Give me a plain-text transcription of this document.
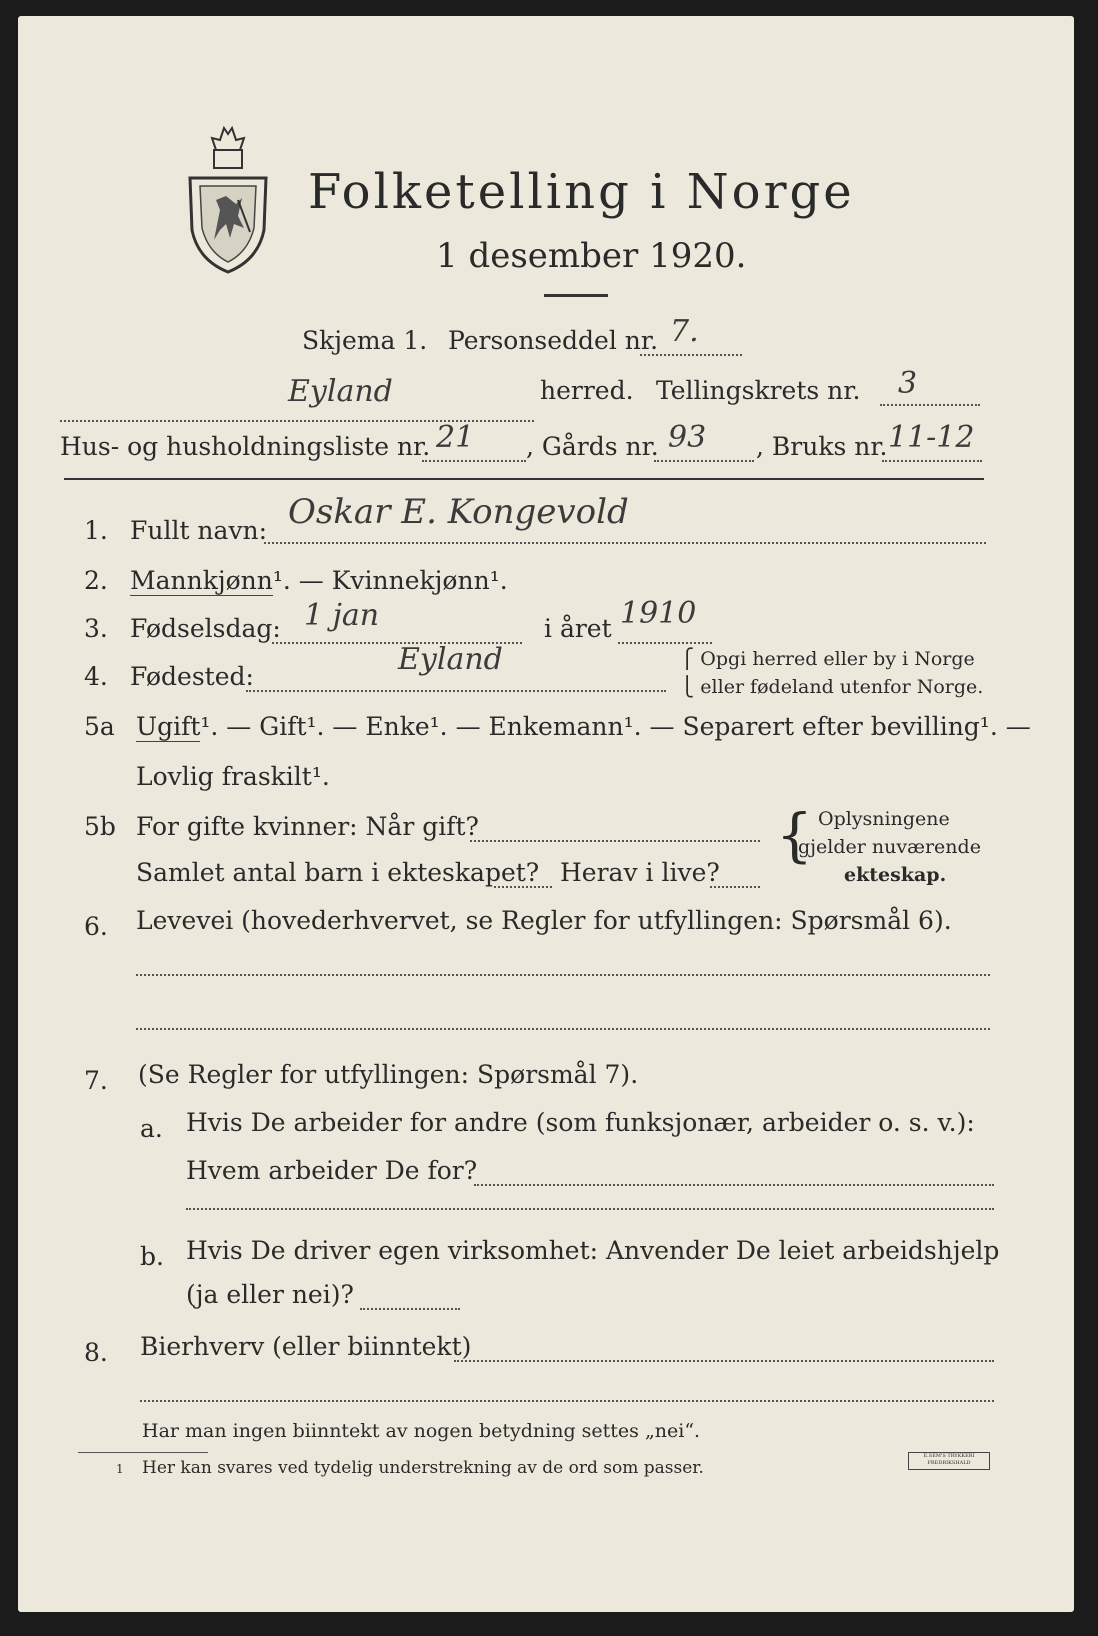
Folketelling i Norge
1 desember 1920.
Skjema 1. Personseddel nr. 7.
Eyland	herred. Tellingskrets nr. 3
Hus- og husholdningsliste nr. 21 , Gårds nr. 93 , Bruks nr. 11-12
1. Fullt navn: Oskar E. Kongevold
2. Mannkjønn¹. — Kvinnekjønn¹.
3. Fødselsdag: 1 jan	i året 1910
4. Fødested:	Eyland	⎧ Opgi herred eller by i Norge
⎩ eller fødeland utenfor Norge.
5a Ugift¹. — Gift¹. — Enke¹. — Enkemann¹. — Separert efter bevilling¹. —
Lovlig fraskilt¹.
5b For gifte kvinner: Når gift?
Samlet antal barn i ekteskapet? Herav i live?
{ Oplysningene
gjelder nuværende
ekteskap.
6. Levevei (hovederhvervet, se Regler for utfyllingen: Spørsmål 6).
7. (Se Regler for utfyllingen: Spørsmål 7).
a. Hvis De arbeider for andre (som funksjonær, arbeider o. s. v.):
Hvem arbeider De for?
b. Hvis De driver egen virksomhet: Anvender De leiet arbeidshjelp
(ja eller nei)?
8. Bierhverv (eller biinntekt)
Har man ingen biinntekt av nogen betydning settes „nei“.
1 Her kan svares ved tydelig understrekning av de ord som passer.
E.SEM'S TRYKKERI FREDRIKSHALD
